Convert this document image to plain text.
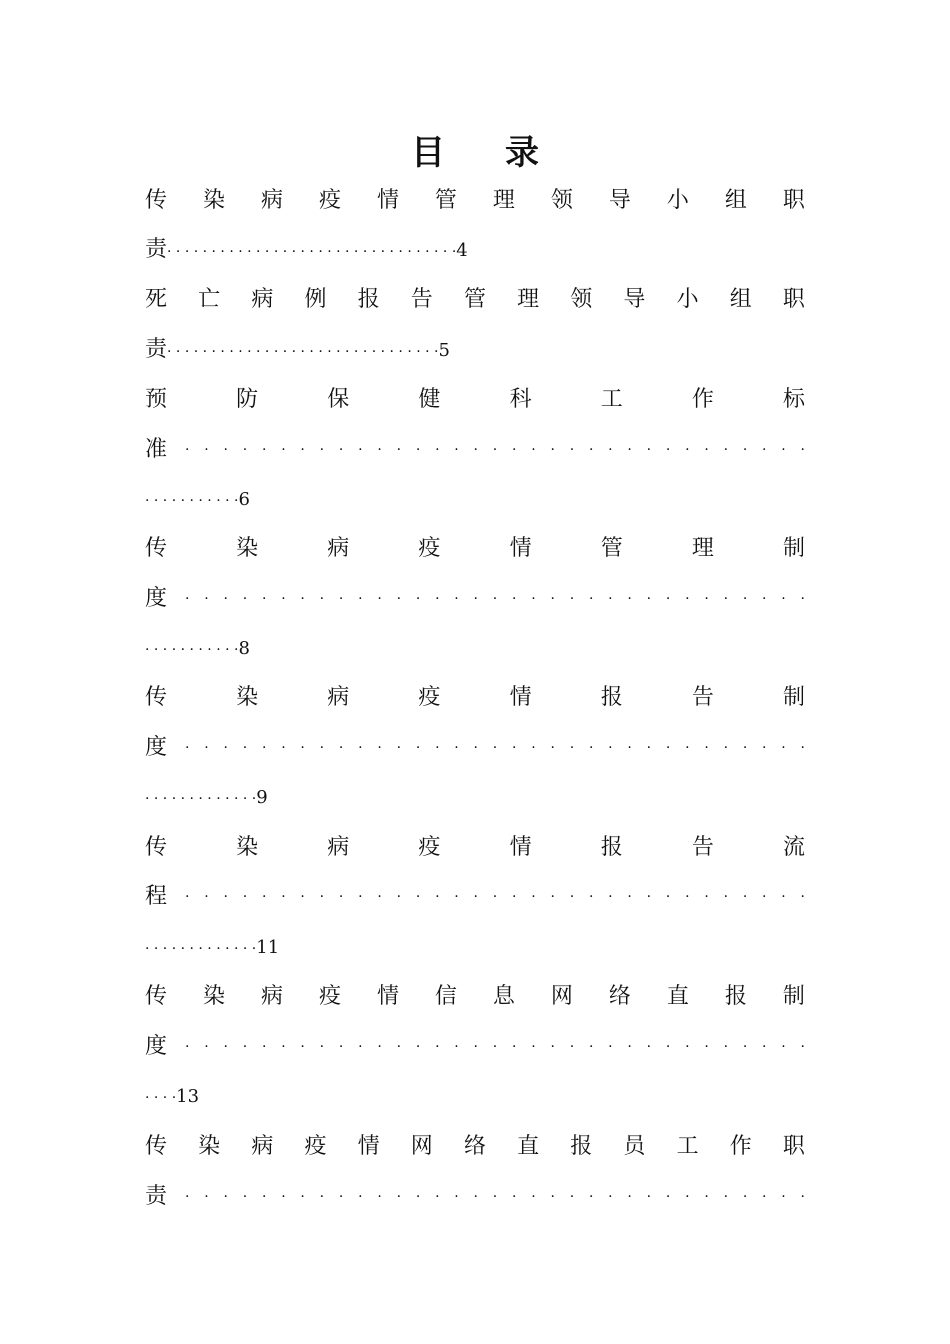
目 录
传 染 病 疫 情 管 理 领 导 小 组 职
责· · · · · · · · · · · · · · · · · · · · · · · · · · · · · · · · ·4
死 亡 病 例 报 告 管 理 领 导 小 组 职
责· · · · · · · · · · · · · · · · · · · · · · · · · · · · · · ·5
预	防	保	健	科	工	作	标
准 · · · · · · · · · · · · · · · · · · · · · · · · · · · · · · · · ·
· · · · · · · · · · ·6
传	染	病	疫	情	管	理	制
度 · · · · · · · · · · · · · · · · · · · · · · · · · · · · · · · · ·
· · · · · · · · · · ·8
传	染	病	疫	情	报	告	制
度 · · · · · · · · · · · · · · · · · · · · · · · · · · · · · · · · ·
· · · · · · · · · · · · ·9
传	染	病	疫	情	报	告	流
程 · · · · · · · · · · · · · · · · · · · · · · · · · · · · · · · · ·
· · · · · · · · · · · · ·11
传 染 病 疫 情 信 息 网 络 直 报 制
度 · · · · · · · · · · · · · · · · · · · · · · · · · · · · · · · · ·
· · · ·13
传 染 病 疫 情 网 络 直 报 员 工 作 职
责 · · · · · · · · · · · · · · · · · · · · · · · · · · · · · · · · ·
